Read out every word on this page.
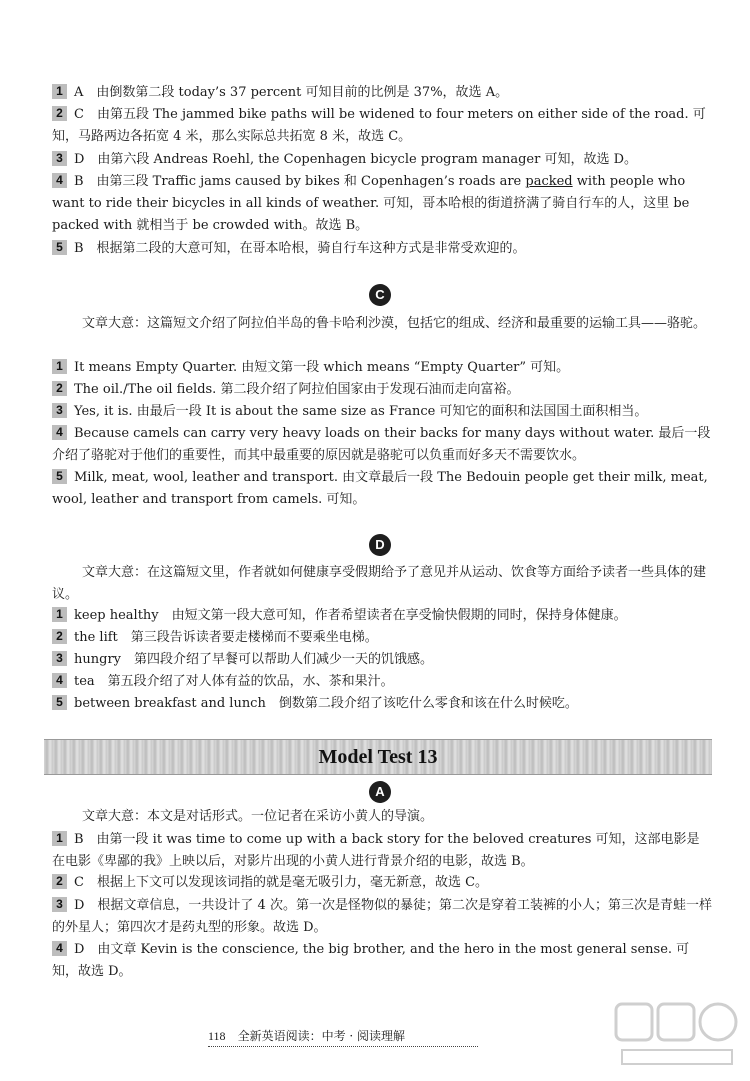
1 A　由倒数第二段 today’s 37 percent 可知目前的比例是 37%，故选 A。
2 C　由第五段 The jammed bike paths will be widened to four meters on either side of the road. 可知，马路两边各拓宽 4 米，那么实际总共拓宽 8 米，故选 C。
3 D　由第六段 Andreas Roehl, the Copenhagen bicycle program manager 可知，故选 D。
4 B　由第三段 Traffic jams caused by bikes 和 Copenhagen’s roads are packed with people who want to ride their bicycles in all kinds of weather. 可知，哥本哈根的街道挤满了骑自行车的人，这里 be packed with 就相当于 be crowded with。故选 B。
5 B　根据第二段的大意可知，在哥本哈根，骑自行车这种方式是非常受欢迎的。
C
文章大意：这篇短文介绍了阿拉伯半岛的鲁卡哈利沙漠，包括它的组成、经济和最重要的运输工具——骆驼。
1 It means Empty Quarter. 由短文第一段 which means “Empty Quarter” 可知。
2 The oil./The oil fields. 第二段介绍了阿拉伯国家由于发现石油而走向富裕。
3 Yes, it is. 由最后一段 It is about the same size as France 可知它的面积和法国国土面积相当。
4 Because camels can carry very heavy loads on their backs for many days without water. 最后一段介绍了骆驼对于他们的重要性，而其中最重要的原因就是骆驼可以负重而好多天不需要饮水。
5 Milk, meat, wool, leather and transport. 由文章最后一段 The Bedouin people get their milk, meat, wool, leather and transport from camels. 可知。
D
文章大意：在这篇短文里，作者就如何健康享受假期给予了意见并从运动、饮食等方面给予读者一些具体的建议。
1 keep healthy　由短文第一段大意可知，作者希望读者在享受愉快假期的同时，保持身体健康。
2 the lift　第三段告诉读者要走楼梯而不要乘坐电梯。
3 hungry　第四段介绍了早餐可以帮助人们减少一天的饥饿感。
4 tea　第五段介绍了对人体有益的饮品，水、茶和果汁。
5 between breakfast and lunch　倒数第二段介绍了该吃什么零食和该在什么时候吃。
Model Test 13
A
文章大意：本文是对话形式。一位记者在采访小黄人的导演。
1 B　由第一段 it was time to come up with a back story for the beloved creatures 可知，这部电影是在电影《卑鄙的我》上映以后，对影片出现的小黄人进行背景介绍的电影，故选 B。
2 C　根据上下文可以发现该词指的就是毫无吸引力，毫无新意，故选 C。
3 D　根据文章信息，一共设计了 4 次。第一次是怪物似的暴徒；第二次是穿着工装裤的小人；第三次是青蛙一样的外星人；第四次才是药丸型的形象。故选 D。
4 D　由文章 Kevin is the conscience, the big brother, and the hero in the most general sense. 可知，故选 D。
118 全新英语阅读：中考 · 阅读理解
